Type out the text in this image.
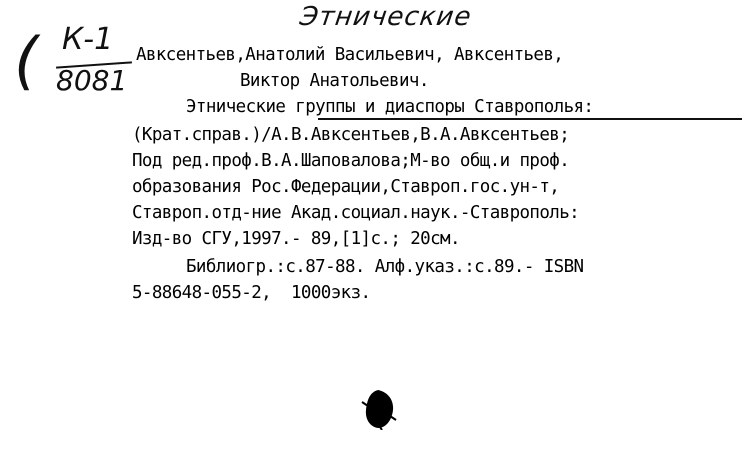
Этнические
( К-1
8081
Авксентьев,Анатолий Васильевич, Авксентьев,
Виктор Анатольевич.
Этнические группы и диаспоры Ставрополья:
(Крат.справ.)/А.В.Авксентьев,В.А.Авксентьев;
Под ред.проф.В.А.Шаповалова;М-во общ.и проф.
образования Рос.Федерации,Ставроп.гос.ун-т,
Ставроп.отд-ние Акад.социал.наук.-Ставрополь:
Изд-во СГУ,1997.- 89,[1]с.; 20см.
Библиогр.:с.87-88. Алф.указ.:с.89.- ISBN
5-88648-055-2,  1000экз.
